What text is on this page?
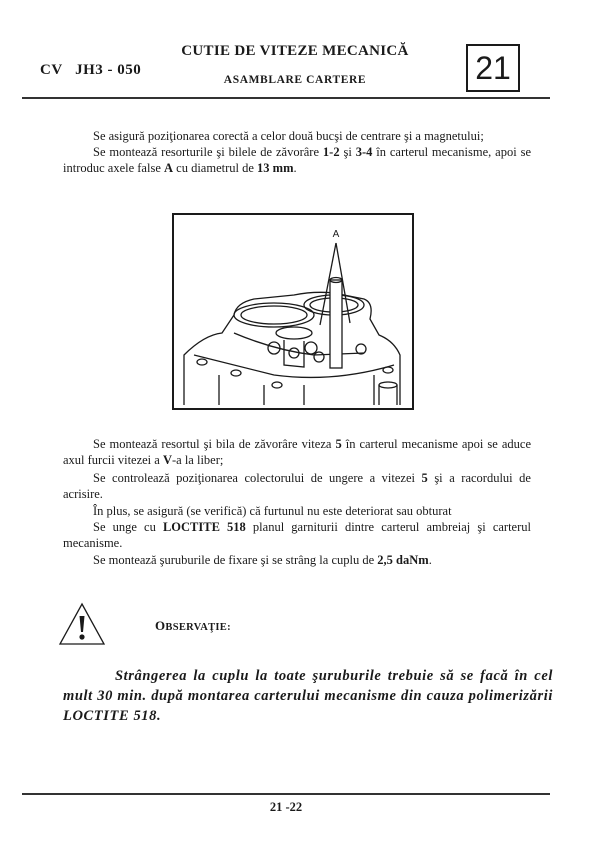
CV   JH3 - 050
CUTIE DE VITEZE MECANICĂ
ASAMBLARE CARTERE	21
Se asigură poziţionarea corectă a celor două bucşi de centrare şi a magnetului;
Se montează resorturile şi bilele de zăvorâre 1-2 şi 3-4 în carterul mecanisme, apoi se introduc axele false A cu diametrul de 13 mm.
A
Se montează resortul şi bila de zăvorâre viteza 5 în carterul mecanisme apoi se aduce axul furcii vitezei a V-a la liber;
Se controlează poziţionarea colectorului de ungere a vitezei 5 şi a racordului de acrisire.
În plus, se asigură (se verifică) că furtunul nu este deteriorat sau obturat
Se unge cu LOCTITE 518 planul garniturii dintre carterul ambreiaj şi carterul mecanisme.
Se montează şuruburile de fixare şi se strâng la cuplu de 2,5 daNm.
OBSERVAŢIE:
Strângerea la cuplu la toate şuruburile trebuie să se facă în cel mult 30 min. după montarea carterului mecanisme din cauza polimerizării LOCTITE 518.
21 -22
